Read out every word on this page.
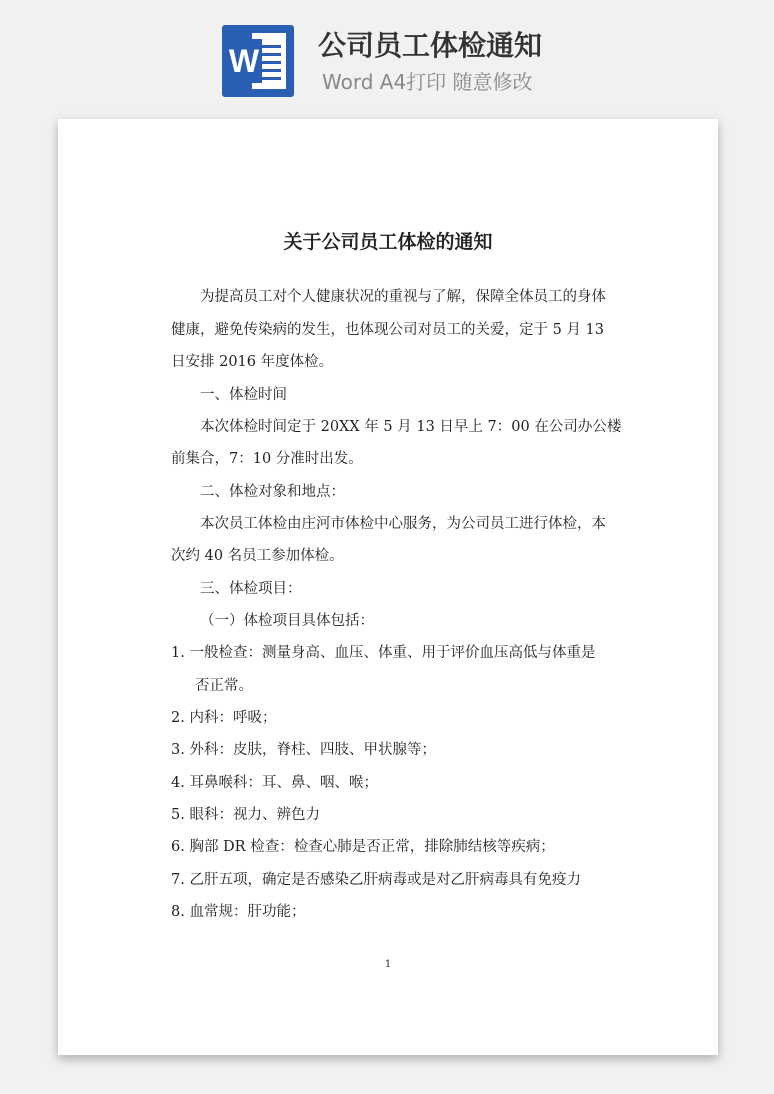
W 公司员工体检通知
Word A4打印 随意修改
关于公司员工体检的通知
为提高员工对个人健康状况的重视与了解，保障全体员工的身体
健康，避免传染病的发生，也体现公司对员工的关爱，定于 5 月 13
日安排 2016 年度体检。
一、体检时间
本次体检时间定于 20XX 年 5 月 13 日早上 7：00 在公司办公楼
前集合，7：10 分准时出发。
二、体检对象和地点：
本次员工体检由庄河市体检中心服务，为公司员工进行体检，本
次约 40 名员工参加体检。
三、体检项目：
（一）体检项目具体包括：
1. 一般检查：测量身高、血压、体重、用于评价血压高低与体重是
否正常。
2. 内科：呼吸；
3. 外科：皮肤，脊柱、四肢、甲状腺等；
4. 耳鼻喉科：耳、鼻、咽、喉；
5. 眼科：视力、辨色力
6. 胸部 DR 检查：检查心肺是否正常，排除肺结核等疾病；
7. 乙肝五项，确定是否感染乙肝病毒或是对乙肝病毒具有免疫力
8. 血常规：肝功能；
1
